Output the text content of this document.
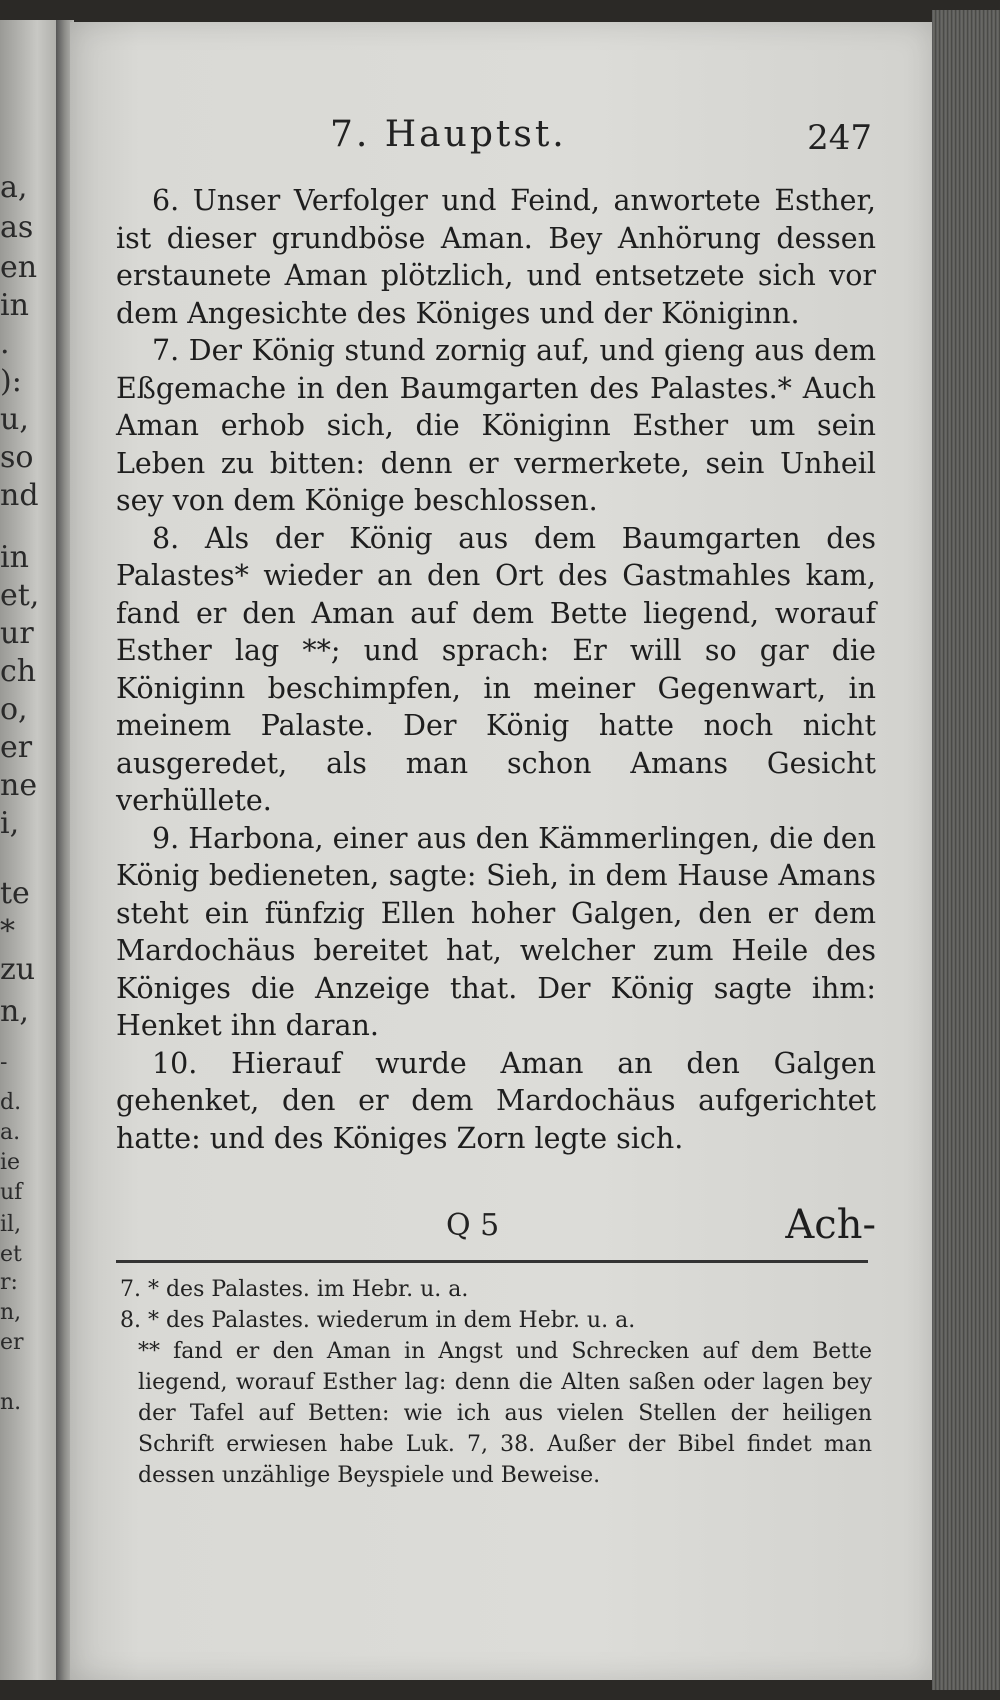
a,
as
en
in
.
):
u,
so
nd
in
et,
ur
ch
o,
er
ne
i,
te
*
zu
n,
-
d.
a.
ie
uf
il,
et
r:
n,
er
n.
7. Hauptst.	247

6. Unser Verfolger und Feind, anwortete Esther, ist dieser grundböse Aman. Bey Anhörung dessen erstaunete Aman plötzlich, und entsetzete sich vor dem Angesichte des Königes und der Königinn.

7. Der König stund zornig auf, und gieng aus dem Eßgemache in den Baumgarten des Palastes.* Auch Aman erhob sich, die Königinn Esther um sein Leben zu bitten: denn er vermerkete, sein Unheil sey von dem Könige beschlossen.

8. Als der König aus dem Baumgarten des Palastes* wieder an den Ort des Gastmahles kam, fand er den Aman auf dem Bette liegend, worauf Esther lag **; und sprach: Er will so gar die Königinn beschimpfen, in meiner Gegenwart, in meinem Palaste. Der König hatte noch nicht ausgeredet, als man schon Amans Gesicht verhüllete.

9. Harbona, einer aus den Kämmerlingen, die den König bedieneten, sagte: Sieh, in dem Hause Amans steht ein fünfzig Ellen hoher Galgen, den er dem Mardochäus bereitet hat, welcher zum Heile des Königes die Anzeige that. Der König sagte ihm: Henket ihn daran.

10. Hierauf wurde Aman an den Galgen gehenket, den er dem Mardochäus aufgerichtet hatte: und des Königes Zorn legte sich.

Q 5	Ach-

7. * des Palastes. im Hebr. u. a.

8. * des Palastes. wiederum in dem Hebr. u. a.

** fand er den Aman in Angst und Schrecken auf dem Bette liegend, worauf Esther lag: denn die Alten saßen oder lagen bey der Tafel auf Betten: wie ich aus vielen Stellen der heiligen Schrift erwiesen habe Luk. 7, 38. Außer der Bibel findet man dessen unzählige Beyspiele und Beweise.
